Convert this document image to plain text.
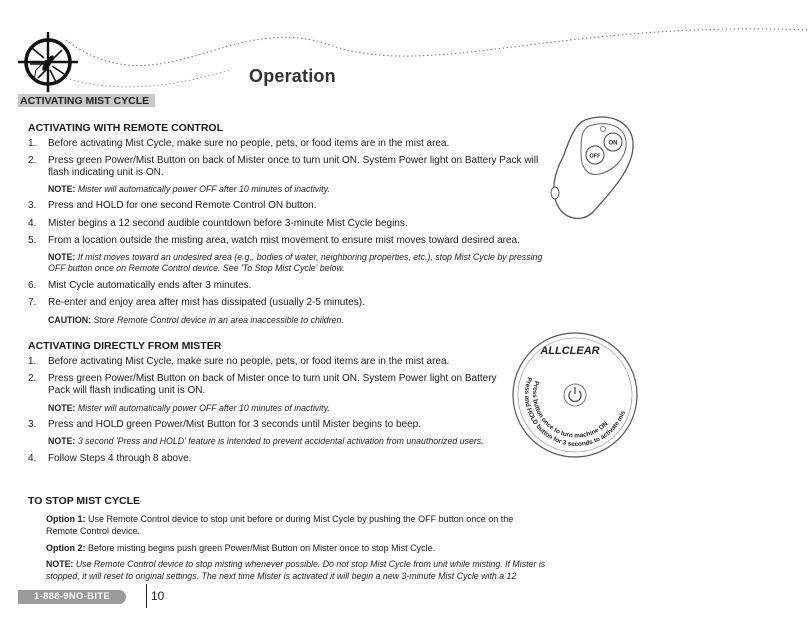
Operation
ACTIVATING MIST CYCLE
ACTIVATING WITH REMOTE CONTROL
1. Before activating Mist Cycle, make sure no people, pets, or food items are in the mist area.
2. Press green Power/Mist Button on back of Mister once to turn unit ON. System Power light on Battery Pack will flash indicating unit is ON.
NOTE: Mister will automatically power OFF after 10 minutes of inactivity.
3. Press and HOLD for one second Remote Control ON button.
4. Mister begins a 12 second audible countdown before 3-minute Mist Cycle begins.
5. From a location outside the misting area, watch mist movement to ensure mist moves toward desired area.
NOTE: If mist moves toward an undesired area (e.g., bodies of water, neighboring properties, etc.), stop Mist Cycle by pressing OFF button once on Remote Control device. See 'To Stop Mist Cycle' below.
6. Mist Cycle automatically ends after 3 minutes.
7. Re-enter and enjoy area after mist has dissipated (usually 2-5 minutes).
CAUTION: Store Remote Control device in an area inaccessible to children.
ON
OFF
ACTIVATING DIRECTLY FROM MISTER
1. Before activating Mist Cycle, make sure no people, pets, or food items are in the mist area.
2. Press green Power/Mist Button on back of Mister once to turn unit ON. System Power light on Battery Pack will flash indicating unit is ON.
NOTE: Mister will automatically power OFF after 10 minutes of inactivity.
3. Press and HOLD green Power/Mist Button for 3 seconds until Mister begins to beep.
NOTE: 3 second 'Press and HOLD' feature is intended to prevent accidental activation from unauthorized users.
4. Follow Steps 4 through 8 above.
ALLCLEAR
Press button once to turn machine ON
Press and HOLD button for 3 seconds to activate mis
TO STOP MIST CYCLE
Option 1: Use Remote Control device to stop unit before or during Mist Cycle by pushing the OFF button once on the Remote Control device.
Option 2: Before misting begins push green Power/Mist Button on Mister once to stop Mist Cycle.
NOTE: Use Remote Control device to stop misting whenever possible. Do not stop Mist Cycle from unit while misting. If Mister is stopped, it will reset to original settings. The next time Mister is activated it will begin a new 3-minute Mist Cycle with a 12
1-888-9NO-BITE	10
